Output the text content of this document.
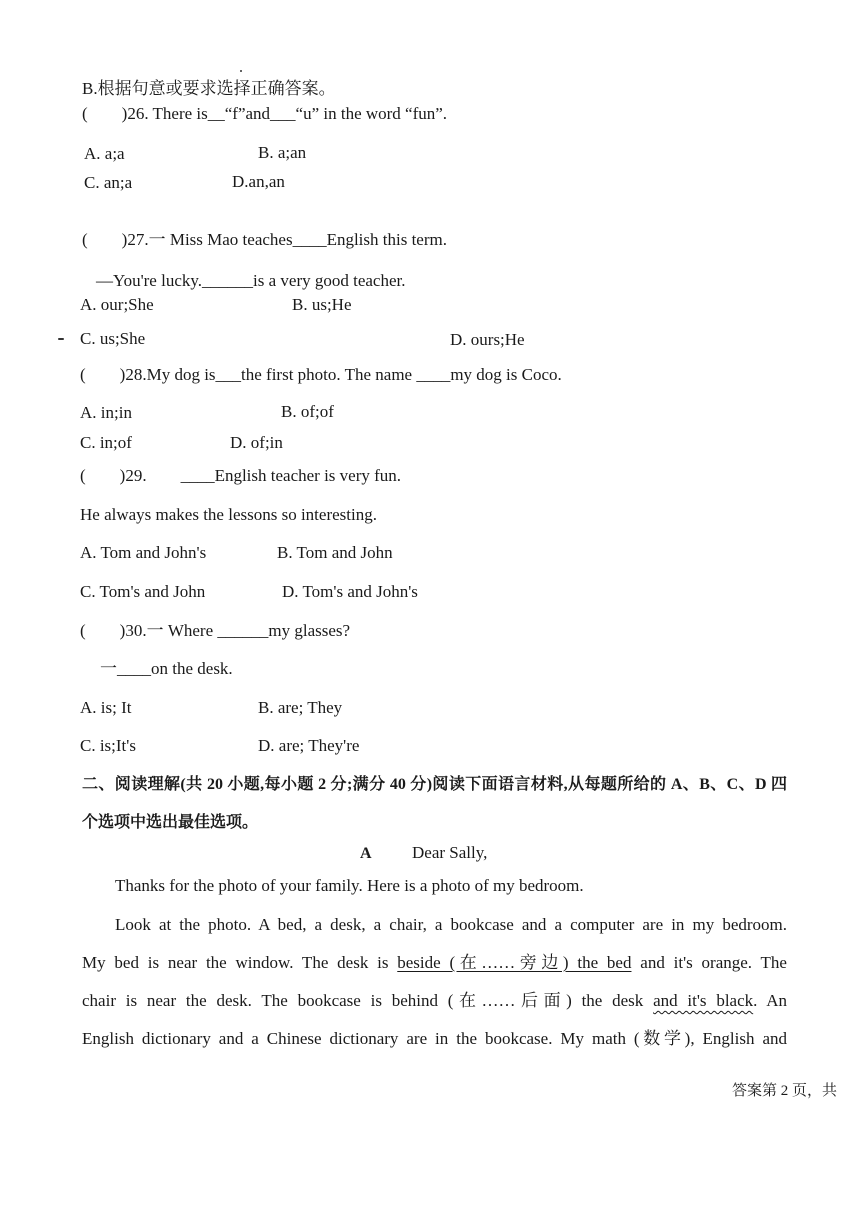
B.根据句意或要求选择正确答案。
(　　)26. There is__“f”and___“u” in the word “fun”.
A. a;a	B. a;an
C. an;a	D.an,an
(　　)27.一 Miss Mao teaches____English this term.
—You're lucky.______is a very good teacher.
A. our;She	B. us;He
C. us;She	D. ours;He
(　　)28.My dog is___the first photo. The name ____my dog is Coco.
A. in;in	B. of;of
C. in;of	D. of;in
(　　)29.　　____English teacher is very fun.
He always makes the lessons so interesting.
A. Tom and John's	B. Tom and John
C. Tom's and John	D. Tom's and John's
(　　)30.一 Where ______my glasses?
一____on the desk.
A. is; It	B. are; They
C. is;It's	D. are; They're
二、阅读理解(共 20 小题,每小题 2 分;满分 40 分)阅读下面语言材料,从每题所给的 A、B、C、D 四
个选项中选出最佳选项。
A Dear Sally,
Thanks for the photo of your family. Here is a photo of my bedroom.
Look at the photo. A bed, a desk, a chair, a bookcase and a computer are in my bedroom.
My bed is near the window. The desk is beside (在……旁边) the bed and it's orange. The
chair is near the desk. The bookcase is behind (在……后面) the desk and it's black. An
English dictionary and a Chinese dictionary are in the bookcase. My math (数学), English and
答案第 2 页，共
